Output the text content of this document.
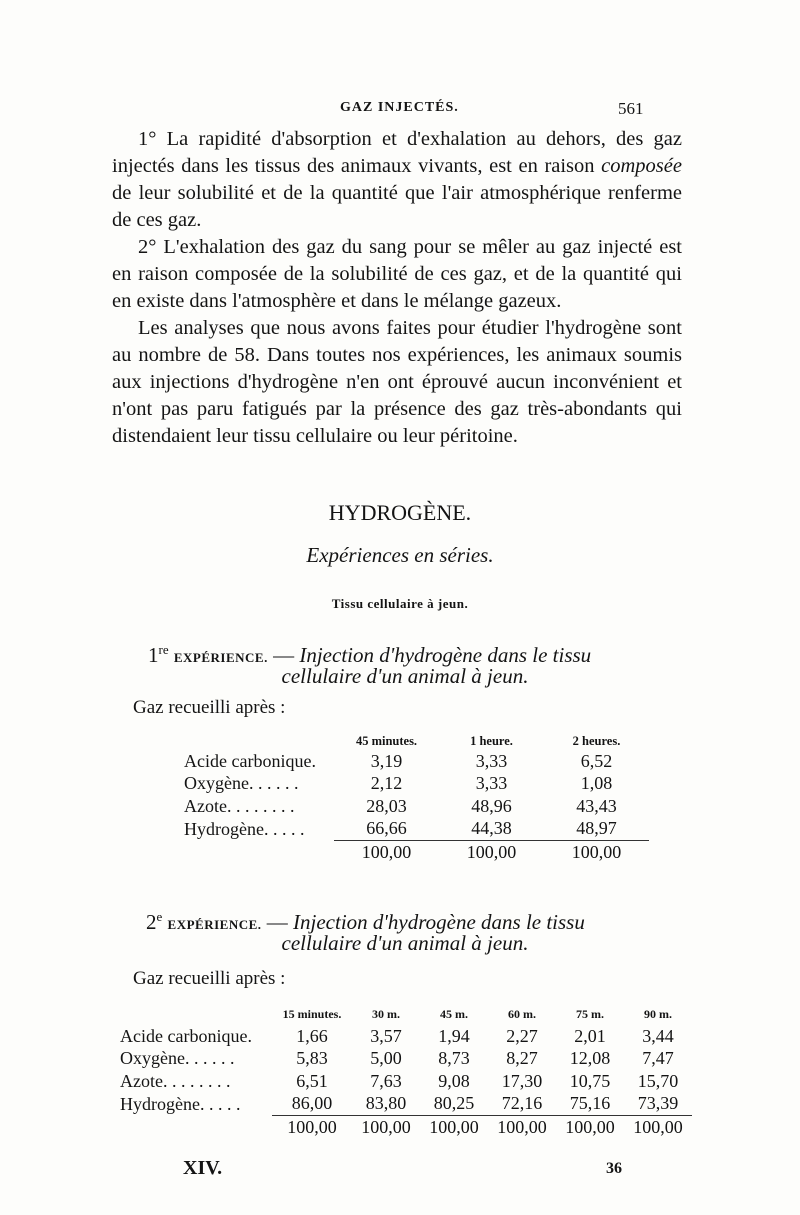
GAZ INJECTÉS.	561

1° La rapidité d'absorption et d'exhalation au dehors, des gaz injectés dans les tissus des animaux vivants, est en raison composée de leur solubilité et de la quantité que l'air atmosphérique renferme de ces gaz.

2° L'exhalation des gaz du sang pour se mêler au gaz injecté est en raison composée de la solubilité de ces gaz, et de la quantité qui en existe dans l'atmosphère et dans le mélange gazeux.

Les analyses que nous avons faites pour étudier l'hydrogène sont au nombre de 58. Dans toutes nos expériences, les animaux soumis aux injections d'hydrogène n'en ont éprouvé aucun inconvénient et n'ont pas paru fatigués par la présence des gaz très-abondants qui distendaient leur tissu cellulaire ou leur péritoine.

HYDROGÈNE.
Expériences en séries.
Tissu cellulaire à jeun.
1re EXPÉRIENCE. — Injection d'hydrogène dans le tissu
cellulaire d'un animal à jeun.
Gaz recueilli après :
	45 minutes.	1 heure.	2 heures.
Acide carbonique.	3,19	3,33	6,52
Oxygène. . . . . .	2,12	3,33	1,08
Azote. . . . . . . .	28,03	48,96	43,43
Hydrogène. . . . .	66,66	44,38	48,97
	100,00	100,00	100,00
2e EXPÉRIENCE. — Injection d'hydrogène dans le tissu
cellulaire d'un animal à jeun.
Gaz recueilli après :
	15 minutes.	30 m.	45 m.	60 m.	75 m.	90 m.
Acide carbonique.	1,66	3,57	1,94	2,27	2,01	3,44
Oxygène. . . . . .	5,83	5,00	8,73	8,27	12,08	7,47
Azote. . . . . . . .	6,51	7,63	9,08	17,30	10,75	15,70
Hydrogène. . . . .	86,00	83,80	80,25	72,16	75,16	73,39
	100,00	100,00	100,00	100,00	100,00	100,00
XIV.	36
